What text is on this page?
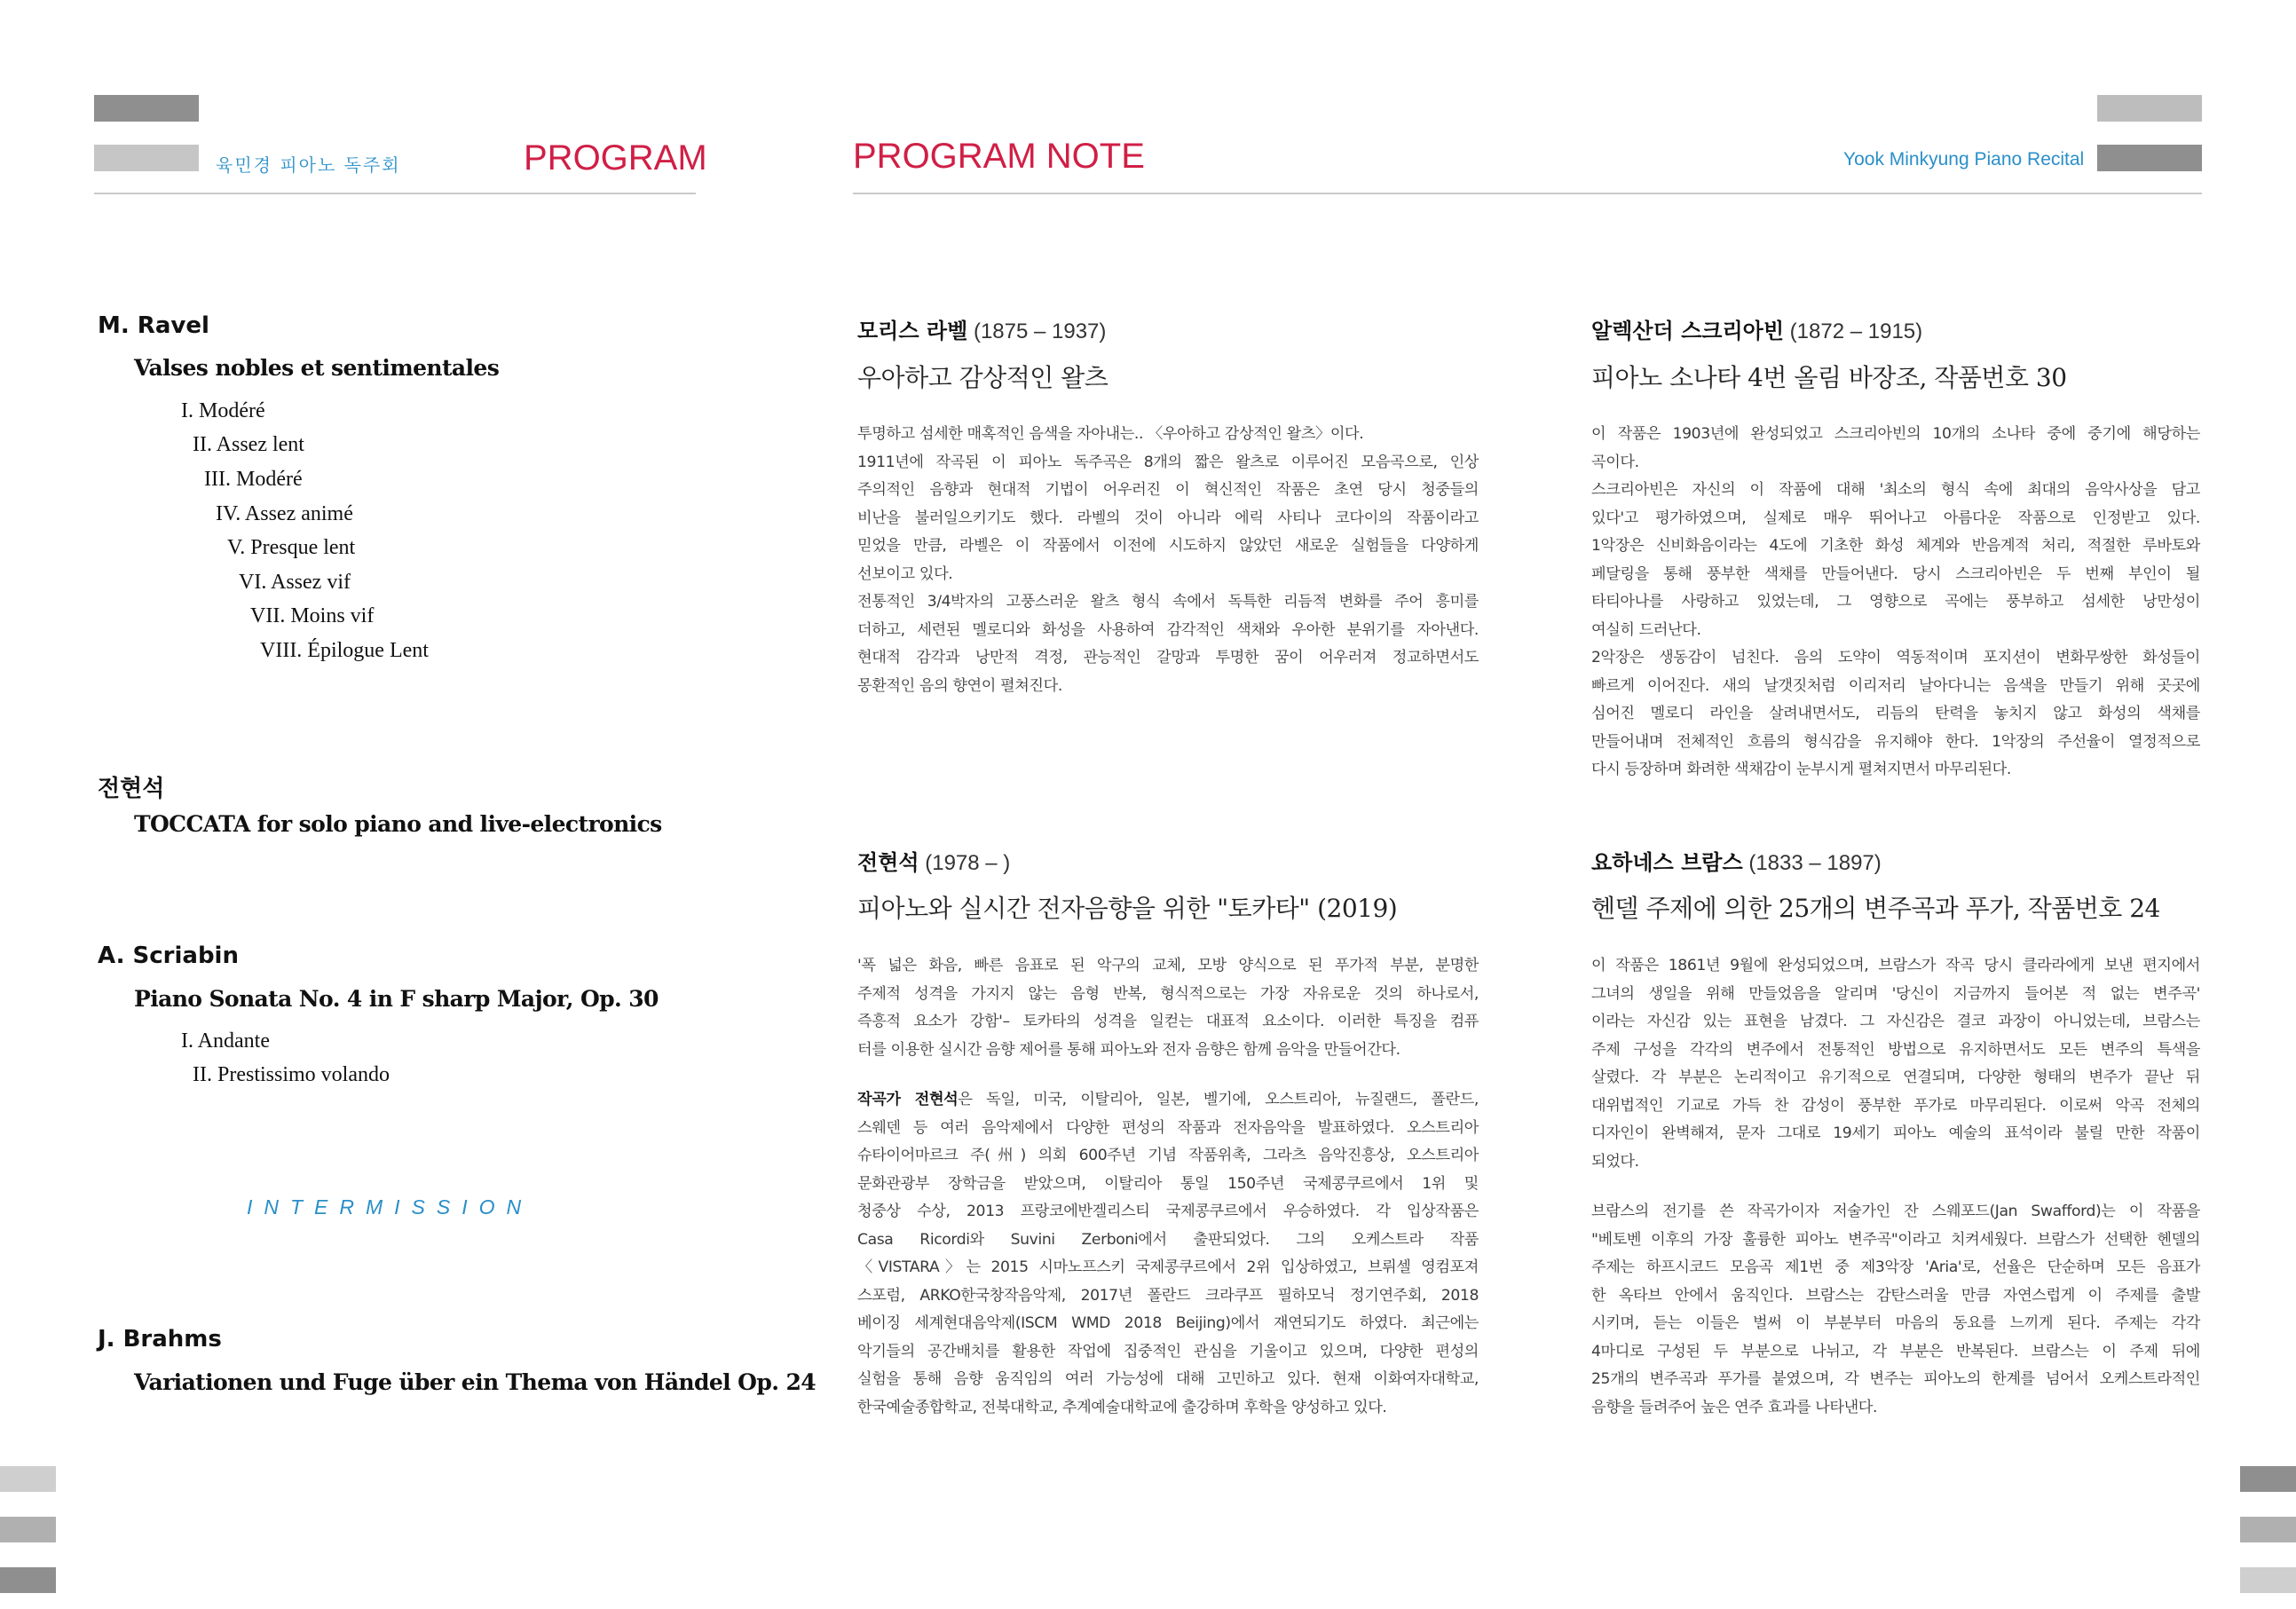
육민경 피아노 독주회	PROGRAM	PROGRAM NOTE	Yook Minkyung Piano Recital
M. Ravel
Valses nobles et sentimentales
I. Modéré
II. Assez lent
III. Modéré
IV. Assez animé
V. Presque lent
VI. Assez vif
VII. Moins vif
VIII. Épilogue Lent
전현석
TOCCATA for solo piano and live-electronics
A. Scriabin
Piano Sonata No. 4 in F sharp Major, Op. 30
I. Andante
II. Prestissimo volando
INTERMISSION
J. Brahms
Variationen und Fuge über ein Thema von Händel Op. 24
모리스 라벨 (1875 – 1937)
우아하고 감상적인 왈츠
투명하고 섬세한 매혹적인 음색을 자아내는.. 〈우아하고 감상적인 왈츠〉이다.
1911년에 작곡된 이 피아노 독주곡은 8개의 짧은 왈츠로 이루어진 모음곡으로, 인상
주의적인 음향과 현대적 기법이 어우러진 이 혁신적인 작품은 초연 당시 청중들의
비난을 불러일으키기도 했다. 라벨의 것이 아니라 에릭 사티나 코다이의 작품이라고
믿었을 만큼, 라벨은 이 작품에서 이전에 시도하지 않았던 새로운 실험들을 다양하게
선보이고 있다.
전통적인 3/4박자의 고풍스러운 왈츠 형식 속에서 독특한 리듬적 변화를 주어 흥미를
더하고, 세련된 멜로디와 화성을 사용하여 감각적인 색채와 우아한 분위기를 자아낸다.
현대적 감각과 낭만적 격정, 관능적인 갈망과 투명한 꿈이 어우러져 정교하면서도
몽환적인 음의 향연이 펼쳐진다.
알렉산더 스크리아빈 (1872 – 1915)
피아노 소나타 4번 올림 바장조, 작품번호 30
이 작품은 1903년에 완성되었고 스크리아빈의 10개의 소나타 중에 중기에 해당하는
곡이다.
스크리아빈은 자신의 이 작품에 대해 '최소의 형식 속에 최대의 음악사상을 담고
있다'고 평가하였으며, 실제로 매우 뛰어나고 아름다운 작품으로 인정받고 있다.
1악장은 신비화음이라는 4도에 기초한 화성 체계와 반음계적 처리, 적절한 루바토와
페달링을 통해 풍부한 색채를 만들어낸다. 당시 스크리아빈은 두 번째 부인이 될
타티아나를 사랑하고 있었는데, 그 영향으로 곡에는 풍부하고 섬세한 낭만성이
여실히 드러난다.
2악장은 생동감이 넘친다. 음의 도약이 역동적이며 포지션이 변화무쌍한 화성들이
빠르게 이어진다. 새의 날갯짓처럼 이리저리 날아다니는 음색을 만들기 위해 곳곳에
심어진 멜로디 라인을 살려내면서도, 리듬의 탄력을 놓치지 않고 화성의 색채를
만들어내며 전체적인 흐름의 형식감을 유지해야 한다. 1악장의 주선율이 열정적으로
다시 등장하며 화려한 색채감이 눈부시게 펼쳐지면서 마무리된다.
전현석 (1978 – )
피아노와 실시간 전자음향을 위한 "토카타" (2019)
'폭 넓은 화음, 빠른 음표로 된 악구의 교체, 모방 양식으로 된 푸가적 부분, 분명한
주제적 성격을 가지지 않는 음형 반복, 형식적으로는 가장 자유로운 것의 하나로서,
즉흥적 요소가 강함'– 토카타의 성격을 일컫는 대표적 요소이다. 이러한 특징을 컴퓨
터를 이용한 실시간 음향 제어를 통해 피아노와 전자 음향은 함께 음악을 만들어간다.
작곡가 전현석은 독일, 미국, 이탈리아, 일본, 벨기에, 오스트리아, 뉴질랜드, 폴란드,
스웨덴 등 여러 음악제에서 다양한 편성의 작품과 전자음악을 발표하였다. 오스트리아
슈타이어마르크 주(州) 의회 600주년 기념 작품위촉, 그라츠 음악진흥상, 오스트리아
문화관광부 장학금을 받았으며, 이탈리아 통일 150주년 국제콩쿠르에서 1위 및
청중상 수상, 2013 프랑코에반겔리스티 국제콩쿠르에서 우승하였다. 각 입상작품은
Casa Ricordi와 Suvini Zerboni에서 출판되었다. 그의 오케스트라 작품
〈VISTARA〉는 2015 시마노프스키 국제콩쿠르에서 2위 입상하였고, 브뤼셀 영컴포져
스포럼, ARKO한국창작음악제, 2017년 폴란드 크라쿠프 필하모닉 정기연주회, 2018
베이징 세계현대음악제(ISCM WMD 2018 Beijing)에서 재연되기도 하였다. 최근에는
악기들의 공간배치를 활용한 작업에 집중적인 관심을 기울이고 있으며, 다양한 편성의
실험을 통해 음향 움직임의 여러 가능성에 대해 고민하고 있다. 현재 이화여자대학교,
한국예술종합학교, 전북대학교, 추계예술대학교에 출강하며 후학을 양성하고 있다.
요하네스 브람스 (1833 – 1897)
헨델 주제에 의한 25개의 변주곡과 푸가, 작품번호 24
이 작품은 1861년 9월에 완성되었으며, 브람스가 작곡 당시 클라라에게 보낸 편지에서
그녀의 생일을 위해 만들었음을 알리며 '당신이 지금까지 들어본 적 없는 변주곡'
이라는 자신감 있는 표현을 남겼다. 그 자신감은 결코 과장이 아니었는데, 브람스는
주제 구성을 각각의 변주에서 전통적인 방법으로 유지하면서도 모든 변주의 특색을
살렸다. 각 부분은 논리적이고 유기적으로 연결되며, 다양한 형태의 변주가 끝난 뒤
대위법적인 기교로 가득 찬 감성이 풍부한 푸가로 마무리된다. 이로써 악곡 전체의
디자인이 완벽해져, 문자 그대로 19세기 피아노 예술의 표석이라 불릴 만한 작품이
되었다.
브람스의 전기를 쓴 작곡가이자 저술가인 잔 스웨포드(Jan Swafford)는 이 작품을
"베토벤 이후의 가장 훌륭한 피아노 변주곡"이라고 치켜세웠다. 브람스가 선택한 헨델의
주제는 하프시코드 모음곡 제1번 중 제3악장 'Aria'로, 선율은 단순하며 모든 음표가
한 옥타브 안에서 움직인다. 브람스는 감탄스러울 만큼 자연스럽게 이 주제를 출발
시키며, 듣는 이들은 벌써 이 부분부터 마음의 동요를 느끼게 된다. 주제는 각각
4마디로 구성된 두 부분으로 나뉘고, 각 부분은 반복된다. 브람스는 이 주제 뒤에
25개의 변주곡과 푸가를 붙였으며, 각 변주는 피아노의 한계를 넘어서 오케스트라적인
음향을 들려주어 높은 연주 효과를 나타낸다.
